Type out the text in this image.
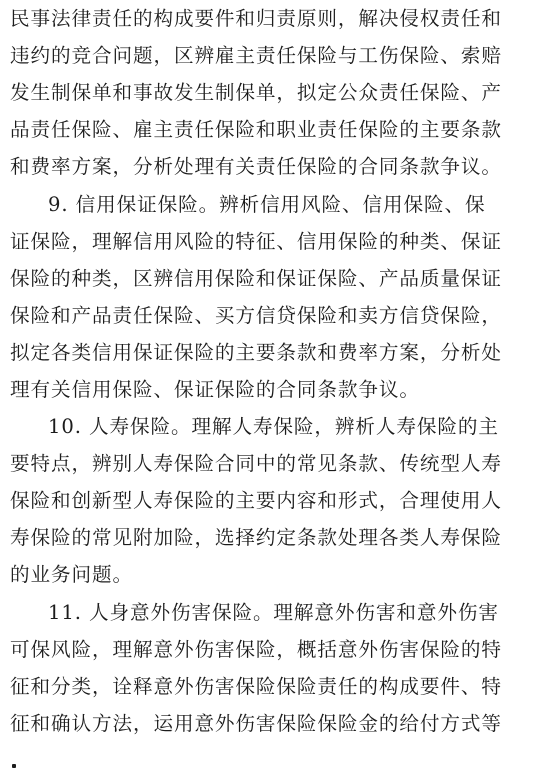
民事法律责任的构成要件和归责原则，解决侵权责任和
违约的竞合问题，区辨雇主责任保险与工伤保险、索赔
发生制保单和事故发生制保单，拟定公众责任保险、产
品责任保险、雇主责任保险和职业责任保险的主要条款
和费率方案，分析处理有关责任保险的合同条款争议。
9. 信用保证保险。辨析信用风险、信用保险、保
证保险，理解信用风险的特征、信用保险的种类、保证
保险的种类，区辨信用保险和保证保险、产品质量保证
保险和产品责任保险、买方信贷保险和卖方信贷保险，
拟定各类信用保证保险的主要条款和费率方案，分析处
理有关信用保险、保证保险的合同条款争议。
10. 人寿保险。理解人寿保险，辨析人寿保险的主
要特点，辨别人寿保险合同中的常见条款、传统型人寿
保险和创新型人寿保险的主要内容和形式，合理使用人
寿保险的常见附加险，选择约定条款处理各类人寿保险
的业务问题。
11. 人身意外伤害保险。理解意外伤害和意外伤害
可保风险，理解意外伤害保险，概括意外伤害保险的特
征和分类，诠释意外伤害保险保险责任的构成要件、特
征和确认方法，运用意外伤害保险保险金的给付方式等
